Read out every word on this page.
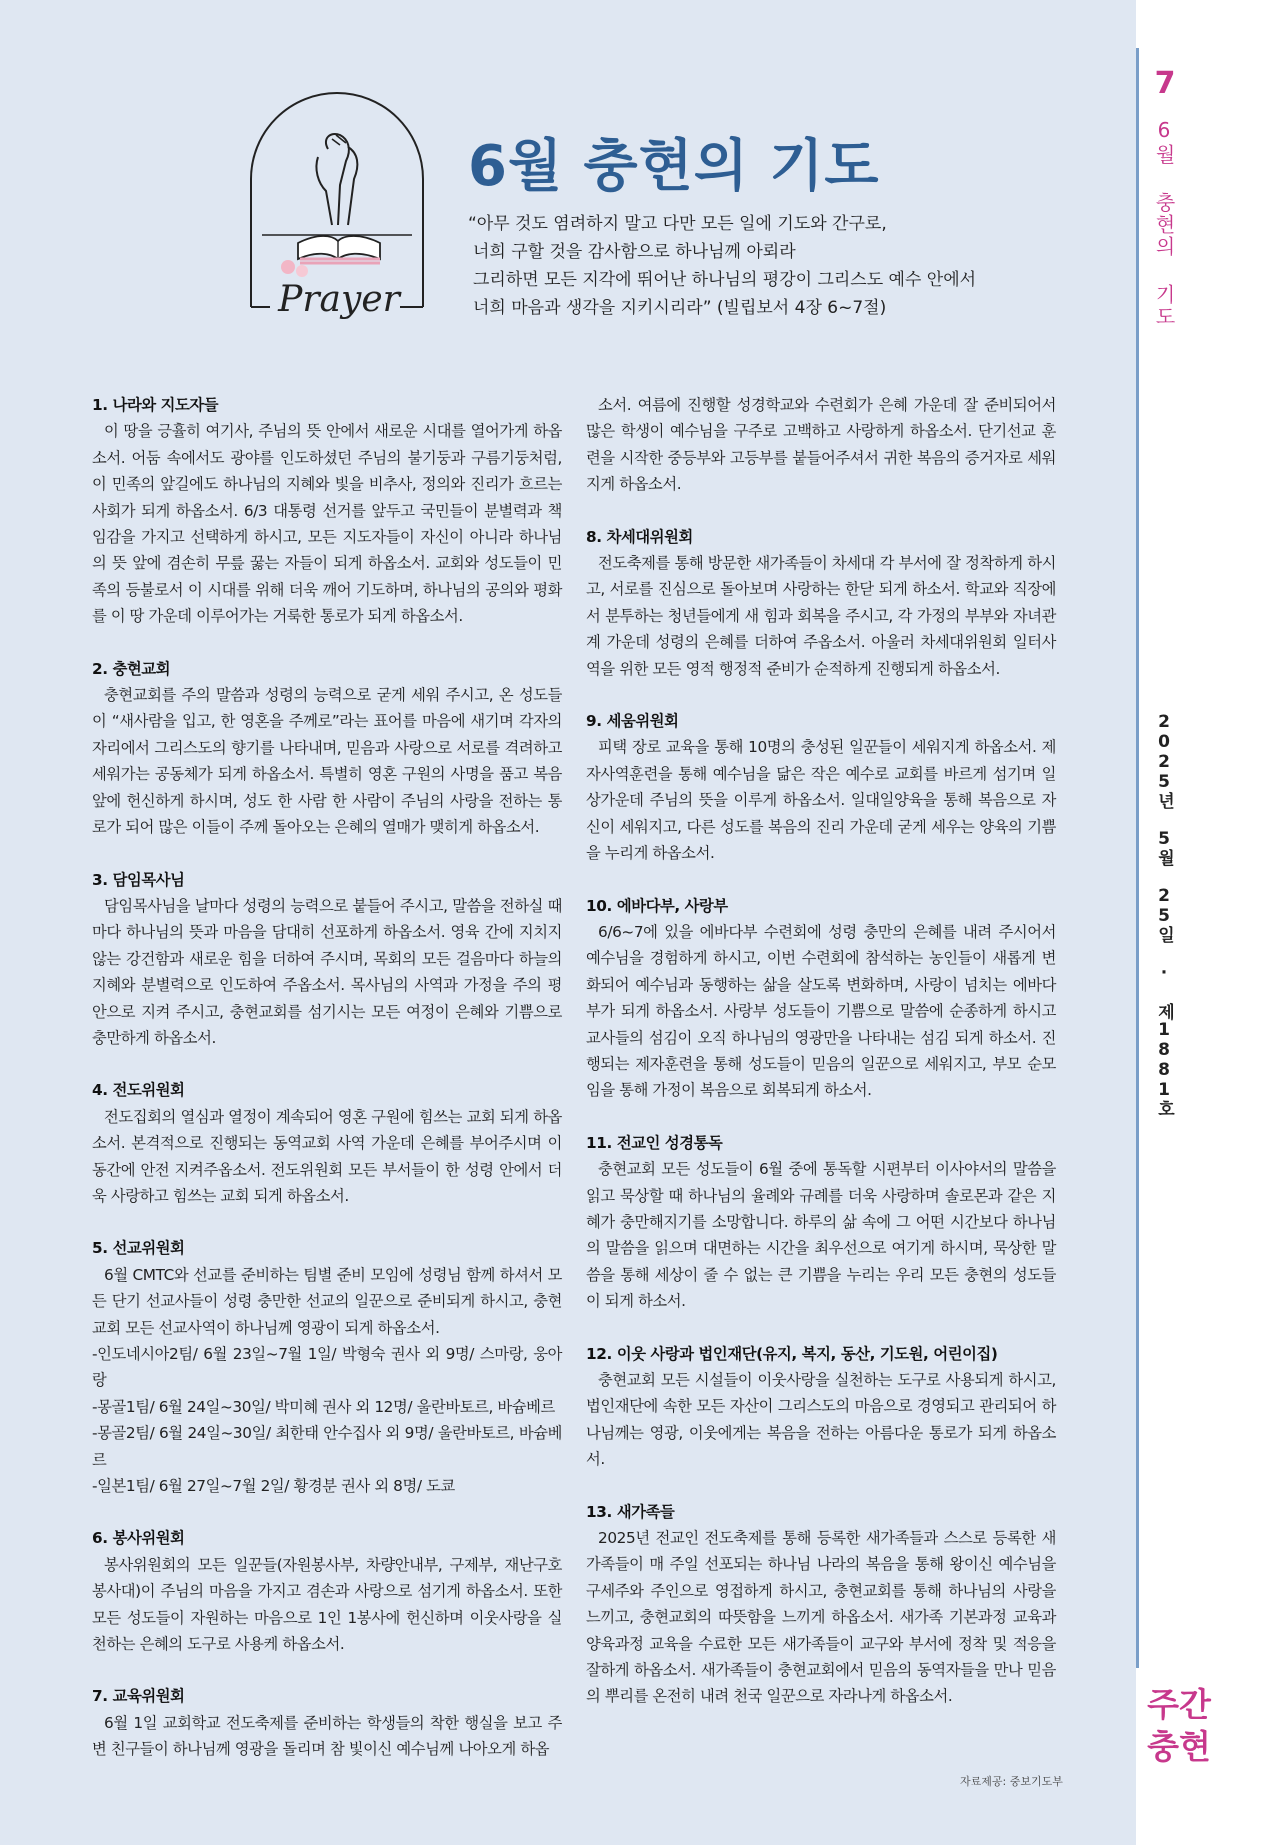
7
6월 충현의 기도
2025년 5월 25일 · 제1881호
주간
충현
Prayer
6월 충현의 기도
“아무 것도 염려하지 말고 다만 모든 일에 기도와 간구로,
너희 구할 것을 감사함으로 하나님께 아뢰라
그리하면 모든 지각에 뛰어난 하나님의 평강이 그리스도 예수 안에서
너희 마음과 생각을 지키시리라” (빌립보서 4장 6~7절)
1. 나라와 지도자들

이 땅을 긍휼히 여기사, 주님의 뜻 안에서 새로운 시대를 열어가게 하옵소서. 어둠 속에서도 광야를 인도하셨던 주님의 불기둥과 구름기둥처럼, 이 민족의 앞길에도 하나님의 지혜와 빛을 비추사, 정의와 진리가 흐르는 사회가 되게 하옵소서. 6/3 대통령 선거를 앞두고 국민들이 분별력과 책임감을 가지고 선택하게 하시고, 모든 지도자들이 자신이 아니라 하나님의 뜻 앞에 겸손히 무릎 꿇는 자들이 되게 하옵소서. 교회와 성도들이 민족의 등불로서 이 시대를 위해 더욱 깨어 기도하며, 하나님의 공의와 평화를 이 땅 가운데 이루어가는 거룩한 통로가 되게 하옵소서.

2. 충현교회

충현교회를 주의 말씀과 성령의 능력으로 굳게 세워 주시고, 온 성도들이 “새사람을 입고, 한 영혼을 주께로”라는 표어를 마음에 새기며 각자의 자리에서 그리스도의 향기를 나타내며, 믿음과 사랑으로 서로를 격려하고 세워가는 공동체가 되게 하옵소서. 특별히 영혼 구원의 사명을 품고 복음 앞에 헌신하게 하시며, 성도 한 사람 한 사람이 주님의 사랑을 전하는 통로가 되어 많은 이들이 주께 돌아오는 은혜의 열매가 맺히게 하옵소서.

3. 담임목사님

담임목사님을 날마다 성령의 능력으로 붙들어 주시고, 말씀을 전하실 때마다 하나님의 뜻과 마음을 담대히 선포하게 하옵소서. 영육 간에 지치지 않는 강건함과 새로운 힘을 더하여 주시며, 목회의 모든 걸음마다 하늘의 지혜와 분별력으로 인도하여 주옵소서. 목사님의 사역과 가정을 주의 평안으로 지켜 주시고, 충현교회를 섬기시는 모든 여정이 은혜와 기쁨으로 충만하게 하옵소서.

4. 전도위원회

전도집회의 열심과 열정이 계속되어 영혼 구원에 힘쓰는 교회 되게 하옵소서. 본격적으로 진행되는 동역교회 사역 가운데 은혜를 부어주시며 이동간에 안전 지켜주옵소서. 전도위원회 모든 부서들이 한 성령 안에서 더욱 사랑하고 힘쓰는 교회 되게 하옵소서.

5. 선교위원회

6월 CMTC와 선교를 준비하는 팀별 준비 모임에 성령님 함께 하셔서 모든 단기 선교사들이 성령 충만한 선교의 일꾼으로 준비되게 하시고, 충현교회 모든 선교사역이 하나님께 영광이 되게 하옵소서.

-인도네시아2팀/ 6월 23일~7월 1일/ 박형숙 권사 외 9명/ 스마랑, 웅아랑

-몽골1팀/ 6월 24일~30일/ 박미혜 권사 외 12명/ 울란바토르, 바슘베르

-몽골2팀/ 6월 24일~30일/ 최한태 안수집사 외 9명/ 울란바토르, 바슘베르

-일본1팀/ 6월 27일~7월 2일/ 황경분 권사 외 8명/ 도쿄

6. 봉사위원회

봉사위원회의 모든 일꾼들(자원봉사부, 차량안내부, 구제부, 재난구호봉사대)이 주님의 마음을 가지고 겸손과 사랑으로 섬기게 하옵소서. 또한 모든 성도들이 자원하는 마음으로 1인 1봉사에 헌신하며 이웃사랑을 실천하는 은혜의 도구로 사용케 하옵소서.

7. 교육위원회

6월 1일 교회학교 전도축제를 준비하는 학생들의 착한 행실을 보고 주변 친구들이 하나님께 영광을 돌리며 참 빛이신 예수님께 나아오게 하옵

소서. 여름에 진행할 성경학교와 수련회가 은혜 가운데 잘 준비되어서 많은 학생이 예수님을 구주로 고백하고 사랑하게 하옵소서. 단기선교 훈련을 시작한 중등부와 고등부를 붙들어주셔서 귀한 복음의 증거자로 세워지게 하옵소서.

8. 차세대위원회

전도축제를 통해 방문한 새가족들이 차세대 각 부서에 잘 정착하게 하시고, 서로를 진심으로 돌아보며 사랑하는 한닫 되게 하소서. 학교와 직장에서 분투하는 청년들에게 새 힘과 회복을 주시고, 각 가정의 부부와 자녀관계 가운데 성령의 은혜를 더하여 주옵소서. 아울러 차세대위원회 일터사역을 위한 모든 영적 행정적 준비가 순적하게 진행되게 하옵소서.

9. 세움위원회

피택 장로 교육을 통해 10명의 충성된 일꾼들이 세워지게 하옵소서. 제자사역훈련을 통해 예수님을 닮은 작은 예수로 교회를 바르게 섬기며 일상가운데 주님의 뜻을 이루게 하옵소서. 일대일양육을 통해 복음으로 자신이 세워지고, 다른 성도를 복음의 진리 가운데 굳게 세우는 양육의 기쁨을 누리게 하옵소서.

10. 에바다부, 사랑부

6/6~7에 있을 에바다부 수련회에 성령 충만의 은혜를 내려 주시어서 예수님을 경험하게 하시고, 이번 수련회에 참석하는 농인들이 새롭게 변화되어 예수님과 동행하는 삶을 살도록 변화하며, 사랑이 넘치는 에바다부가 되게 하옵소서. 사랑부 성도들이 기쁨으로 말씀에 순종하게 하시고 교사들의 섬김이 오직 하나님의 영광만을 나타내는 섬김 되게 하소서. 진행되는 제자훈련을 통해 성도들이 믿음의 일꾼으로 세워지고, 부모 순모임을 통해 가정이 복음으로 회복되게 하소서.

11. 전교인 성경통독

충현교회 모든 성도들이 6월 중에 통독할 시편부터 이사야서의 말씀을 읽고 묵상할 때 하나님의 율례와 규례를 더욱 사랑하며 솔로몬과 같은 지혜가 충만해지기를 소망합니다. 하루의 삶 속에 그 어떤 시간보다 하나님의 말씀을 읽으며 대면하는 시간을 최우선으로 여기게 하시며, 묵상한 말씀을 통해 세상이 줄 수 없는 큰 기쁨을 누리는 우리 모든 충현의 성도들이 되게 하소서.

12. 이웃 사랑과 법인재단(유지, 복지, 동산, 기도원, 어린이집)

충현교회 모든 시설들이 이웃사랑을 실천하는 도구로 사용되게 하시고, 법인재단에 속한 모든 자산이 그리스도의 마음으로 경영되고 관리되어 하나님께는 영광, 이웃에게는 복음을 전하는 아름다운 통로가 되게 하옵소서.

13. 새가족들

2025년 전교인 전도축제를 통해 등록한 새가족들과 스스로 등록한 새가족들이 매 주일 선포되는 하나님 나라의 복음을 통해 왕이신 예수님을 구세주와 주인으로 영접하게 하시고, 충현교회를 통해 하나님의 사랑을 느끼고, 충현교회의 따뜻함을 느끼게 하옵소서. 새가족 기본과정 교육과 양육과정 교육을 수료한 모든 새가족들이 교구와 부서에 정착 및 적응을 잘하게 하옵소서. 새가족들이 충현교회에서 믿음의 동역자들을 만나 믿음의 뿌리를 온전히 내려 천국 일꾼으로 자라나게 하옵소서.

자료제공: 중보기도부
